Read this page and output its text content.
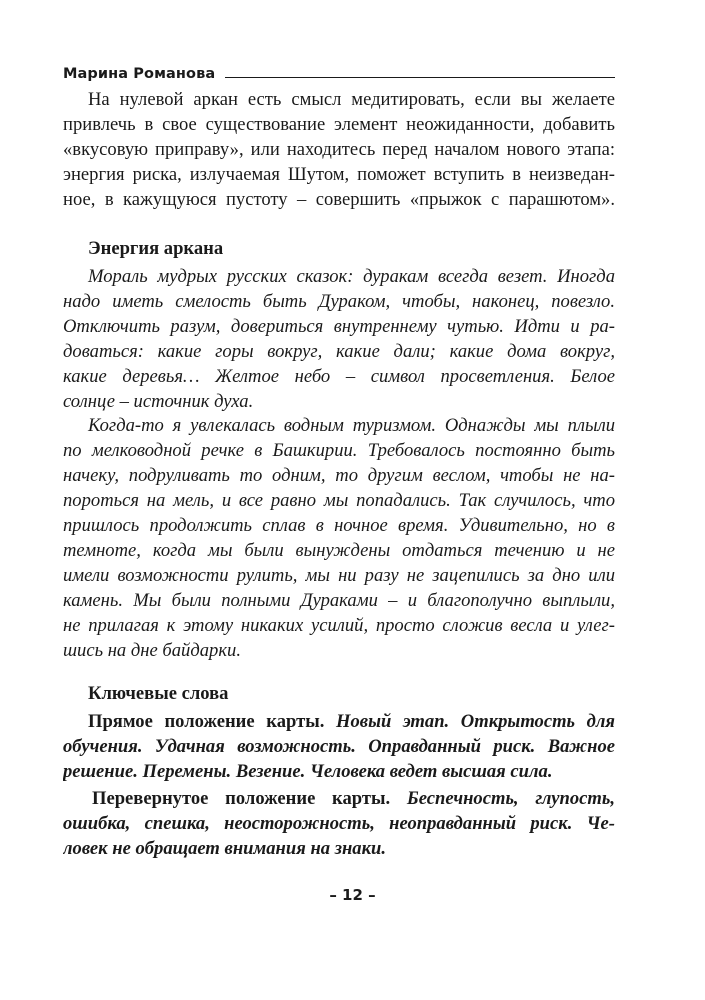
Марина Романова
На нулевой аркан есть смысл медитировать, если вы желаете
привлечь в свое существование элемент неожиданности, добавить
«вкусовую приправу», или находитесь перед началом нового этапа:
энергия риска, излучаемая Шутом, поможет вступить в неизведан-
ное, в кажущуюся пустоту – совершить «прыжок с парашютом».
Энергия аркана
Мораль мудрых русских сказок: дуракам всегда везет. Иногда
надо иметь смелость быть Дураком, чтобы, наконец, повезло.
Отключить разум, довериться внутреннему чутью. Идти и ра-
доваться: какие горы вокруг, какие дали; какие дома вокруг,
какие деревья… Желтое небо – символ просветления. Белое
солнце – источник духа.
Когда-то я увлекалась водным туризмом. Однажды мы плыли
по мелководной речке в Башкирии. Требовалось постоянно быть
начеку, подруливать то одним, то другим веслом, чтобы не на-
пороться на мель, и все равно мы попадались. Так случилось, что
пришлось продолжить сплав в ночное время. Удивительно, но в
темноте, когда мы были вынуждены отдаться течению и не
имели возможности рулить, мы ни разу не зацепились за дно или
камень. Мы были полными Дураками – и благополучно выплыли,
не прилагая к этому никаких усилий, просто сложив весла и улег-
шись на дне байдарки.
Ключевые слова
Прямое положение карты. Новый этап. Открытость для
обучения. Удачная возможность. Оправданный риск. Важное
решение. Перемены. Везение. Человека ведет высшая сила.
Перевернутое положение карты. Беспечность, глупость,
ошибка, спешка, неосторожность, неоправданный риск. Че-
ловек не обращает внимания на знаки.
– 12 –
